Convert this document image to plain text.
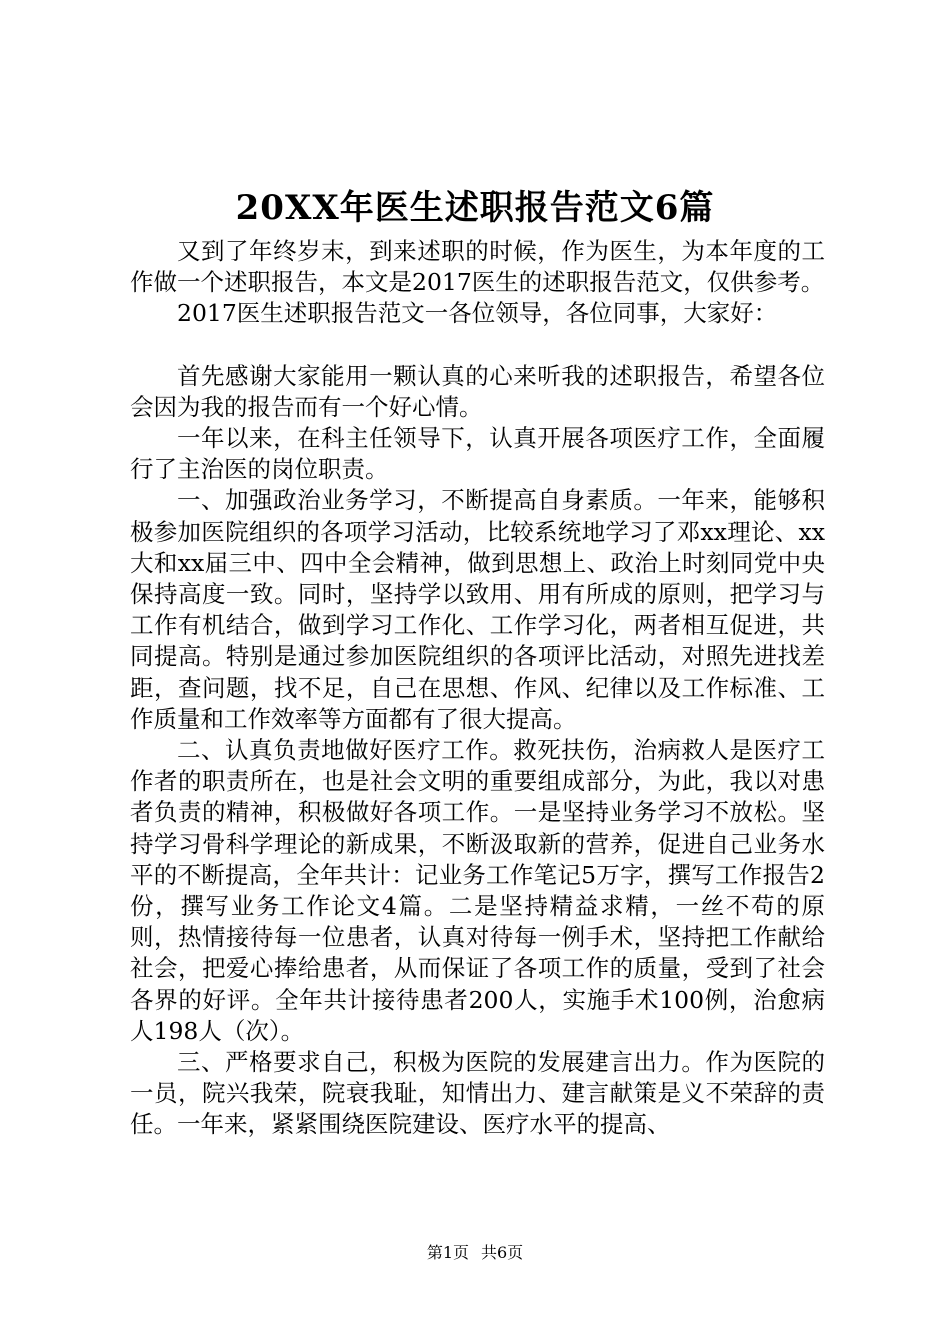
20XX年医生述职报告范文6篇

又到了年终岁末，到来述职的时候，作为医生，为本年度的工作做一个述职报告，本文是2017医生的述职报告范文，仅供参考。

2017医生述职报告范文一各位领导，各位同事，大家好：

首先感谢大家能用一颗认真的心来听我的述职报告，希望各位会因为我的报告而有一个好心情。

一年以来，在科主任领导下，认真开展各项医疗工作，全面履行了主治医的岗位职责。

一、加强政治业务学习，不断提高自身素质。一年来，能够积极参加医院组织的各项学习活动，比较系统地学习了邓xx理论、xx大和xx届三中、四中全会精神，做到思想上、政治上时刻同党中央保持高度一致。同时，坚持学以致用、用有所成的原则，把学习与工作有机结合，做到学习工作化、工作学习化，两者相互促进，共同提高。特别是通过参加医院组织的各项评比活动，对照先进找差距，查问题，找不足，自己在思想、作风、纪律以及工作标准、工作质量和工作效率等方面都有了很大提高。

二、认真负责地做好医疗工作。救死扶伤，治病救人是医疗工作者的职责所在，也是社会文明的重要组成部分，为此，我以对患者负责的精神，积极做好各项工作。一是坚持业务学习不放松。坚持学习骨科学理论的新成果，不断汲取新的营养，促进自己业务水平的不断提高，全年共计：记业务工作笔记5万字，撰写工作报告2份，撰写业务工作论文4篇。二是坚持精益求精，一丝不苟的原则，热情接待每一位患者，认真对待每一例手术，坚持把工作献给社会，把爱心捧给患者，从而保证了各项工作的质量，受到了社会各界的好评。全年共计接待患者200人，实施手术100例，治愈病人198人（次）。

三、严格要求自己，积极为医院的发展建言出力。作为医院的一员，院兴我荣，院衰我耻，知情出力、建言献策是义不荣辞的责任。一年来，紧紧围绕医院建设、医疗水平的提高、

第1页 共6页
